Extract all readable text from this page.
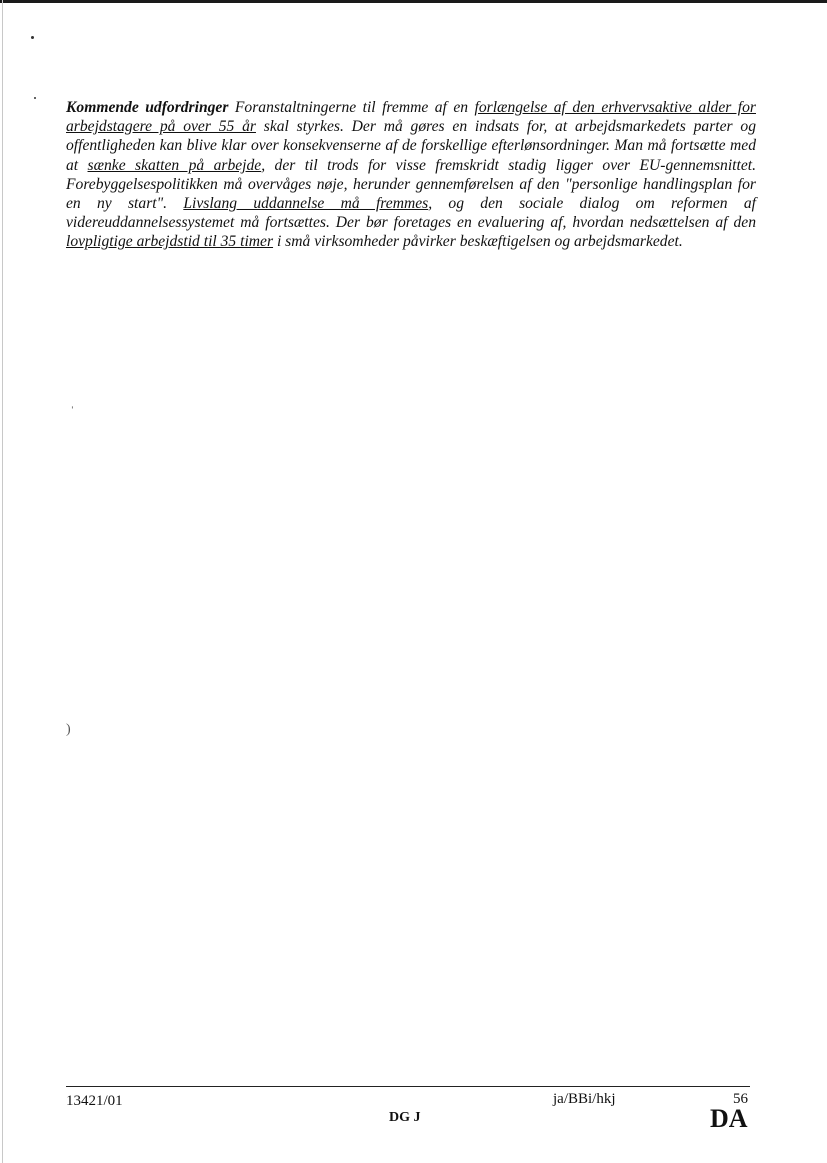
ˈ
)

Kommende udfordringer Foranstaltningerne til fremme af en forlængelse af den erhvervsaktive alder for arbejdstagere på over 55 år skal styrkes. Der må gøres en indsats for, at arbejdsmarkedets parter og offentligheden kan blive klar over konsekvenserne af de forskellige efterlønsordninger. Man må fortsætte med at sænke skatten på arbejde, der til trods for visse fremskridt stadig ligger over EU-gennemsnittet. Forebyggelsespolitikken må overvåges nøje, herunder gennemførelsen af den "personlige handlingsplan for en ny start". Livslang uddannelse må fremmes, og den sociale dialog om reformen af videreuddannelsessystemet må fortsættes. Der bør foretages en evaluering af, hvordan nedsættelsen af den lovpligtige arbejdstid til 35 timer i små virksomheder påvirker beskæftigelsen og arbejdsmarkedet.

13421/01	ja/BBi/hkj	56
DG J	DA
